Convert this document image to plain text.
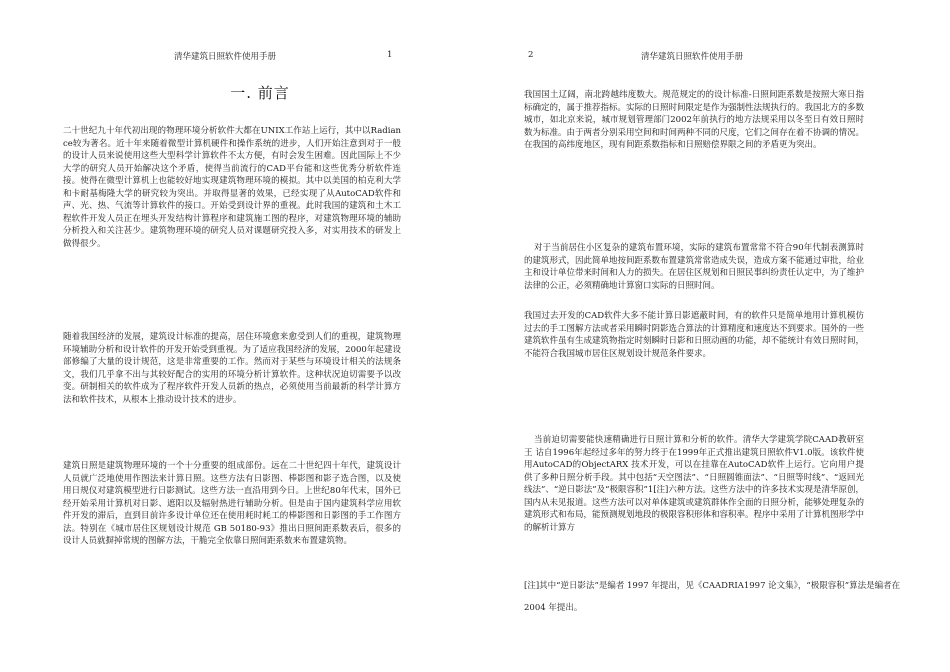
清华建筑日照软件使用手册	1
一. 前言
二十世纪九十年代初出现的物理环境分析软件大都在UNIX工作站上运行，其中以Radiance较为著名。近十年来随着微型计算机硬件和操作系统的进步，人们开始注意到对于一般的设计人员来说使用这些大型科学计算软件不太方便，有时会发生困难。因此国际上不少大学的研究人员开始解决这个矛盾，使得当前流行的CAD平台能和这些优秀分析软件连接。使得在微型计算机上也能较好地实现建筑物理环境的模拟。其中以美国的柏克利大学和卡耐基梅隆大学的研究较为突出。并取得显著的效果，已经实现了从AutoCAD软件和声、光、热、气流等计算软件的接口。开始受到设计界的重视。此时我国的建筑和土木工程软件开发人员正在埋头开发结构计算程序和建筑施工图的程序，对建筑物理环境的辅助分析投入和关注甚少。建筑物理环境的研究人员对课题研究投入多，对实用技术的研发上做得很少。
随着我国经济的发展，建筑设计标准的提高，居住环境愈来愈受到人们的重视，建筑物理环境辅助分析和设计软件的开发开始受到重视。为了适应我国经济的发展，2000年起建设部修编了大量的设计规范，这是非常重要的工作。然而对于某些与环境设计相关的法规条文，我们几乎拿不出与其较好配合的实用的环境分析计算软件。这种状况迫切需要予以改变。研制相关的软件成为了程序软件开发人员新的热点，必须使用当前最新的科学计算方法和软件技术，从根本上推动设计技术的进步。
建筑日照是建筑物理环境的一个十分重要的组成部份。远在二十世纪四十年代，建筑设计人员就广泛地使用作图法来计算日照。这些方法有日影图、棒影图和影子选合图，以及使用日规仪对建筑模型进行日影测试。这些方法一直沿用到今日。上世纪80年代末，国外已经开始采用计算机对日影、遮阳以及辐射热进行辅助分析。但是由于国内建筑科学应用软件开发的滞后，直到目前许多设计单位还在使用耗时耗工的棒影图和日影图的手工作图方法。特别在《城市居住区规划设计规范 GB 50180-93》推出日照间距系数表后，很多的设计人员就摒掉常规的图解方法，干脆完全依靠日照间距系数来布置建筑物。
2	清华建筑日照软件使用手册
我国国土辽阔，南北跨越纬度数大。规范规定的的设计标准-日照间距系数是按照大寒日指标确定的，属于推荐指标。实际的日照时间限定是作为强制性法规执行的。我国北方的多数城市，如北京来说，城市规划管理部门2002年前执行的地方法规采用以冬至日有效日照时数为标准。由于两者分别采用空间和时间两种不同的尺度，它们之间存在着不协调的情况。在我国的高纬度地区，现有间距系数指标和日照赔偿界限之间的矛盾更为突出。
对于当前居住小区复杂的建筑布置环境，实际的建筑布置常常不符合90年代制表测算时的建筑形式，因此简单地按间距系数布置建筑常常造成失误，造成方案不能通过审批，给业主和设计单位带来时间和人力的损失。在居住区规划和日照民事纠纷责任认定中，为了维护法律的公正，必须精确地计算窗口实际的日照时间。
我国过去开发的CAD软件大多不能计算日影遮蔽时间，有的软件只是简单地用计算机模仿过去的手工图解方法或者采用瞬时阴影选合算法的计算精度和速度达不到要求。国外的一些建筑软件虽有生成建筑物指定时刻瞬时日影和日照动画的功能，却不能统计有效日照时间，不能符合我国城市居住区规划设计规范条件要求。
当前迫切需要能快速精确进行日照计算和分析的软件。清华大学建筑学院CAAD教研室王 诂自1996年起经过多年的努力终于在1999年正式推出建筑日照软件V1.0版。该软件使用AutoCAD的ObjectARX 技术开发，可以在挂靠在AutoCAD软件上运行。它向用户提供了多种日照分析手段。其中包括“天空图法”、“日照圆锥面法”、“日照等时线”、“返回光线法”、“逆日影法”及“极限容积”1[注]六种方法。这些方法中的许多技术实现是清华原创，国内从未见报道。这些方法可以对单体建筑或建筑群体作全面的日照分析，能够处理复杂的建筑形式和布局，能预测规划地段的极限容积形体和容积率。程序中采用了计算机图形学中的解析计算方
[注]其中“逆日影法”是编者 1997 年提出，见《CAADRIA1997 论文集》，“极限容积”算法是编者在 2004 年提出。
